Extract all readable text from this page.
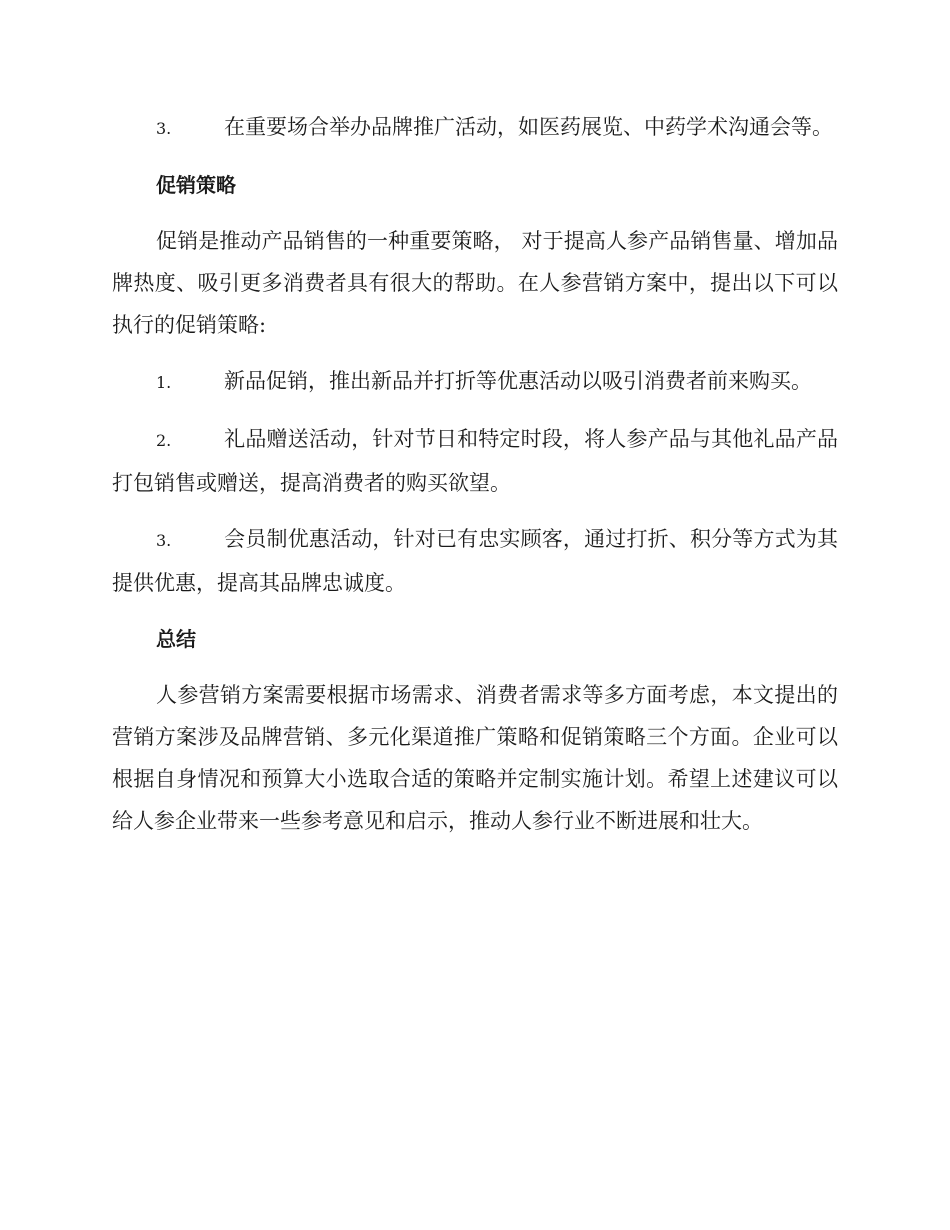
3.	在重要场合举办品牌推广活动，如医药展览、中药学术沟通会等。

促销策略

促销是推动产品销售的一种重要策略， 对于提高人参产品销售量、增加品牌热度、吸引更多消费者具有很大的帮助。在人参营销方案中，提出以下可以执行的促销策略:

1.	新品促销，推出新品并打折等优惠活动以吸引消费者前来购买。

2.	礼品赠送活动，针对节日和特定时段，将人参产品与其他礼品产品打包销售或赠送，提高消费者的购买欲望。

3.	会员制优惠活动，针对已有忠实顾客，通过打折、积分等方式为其提供优惠，提高其品牌忠诚度。

总结

人参营销方案需要根据市场需求、消费者需求等多方面考虑，本文提出的营销方案涉及品牌营销、多元化渠道推广策略和促销策略三个方面。企业可以根据自身情况和预算大小选取合适的策略并定制实施计划。希望上述建议可以给人参企业带来一些参考意见和启示，推动人参行业不断进展和壮大。
